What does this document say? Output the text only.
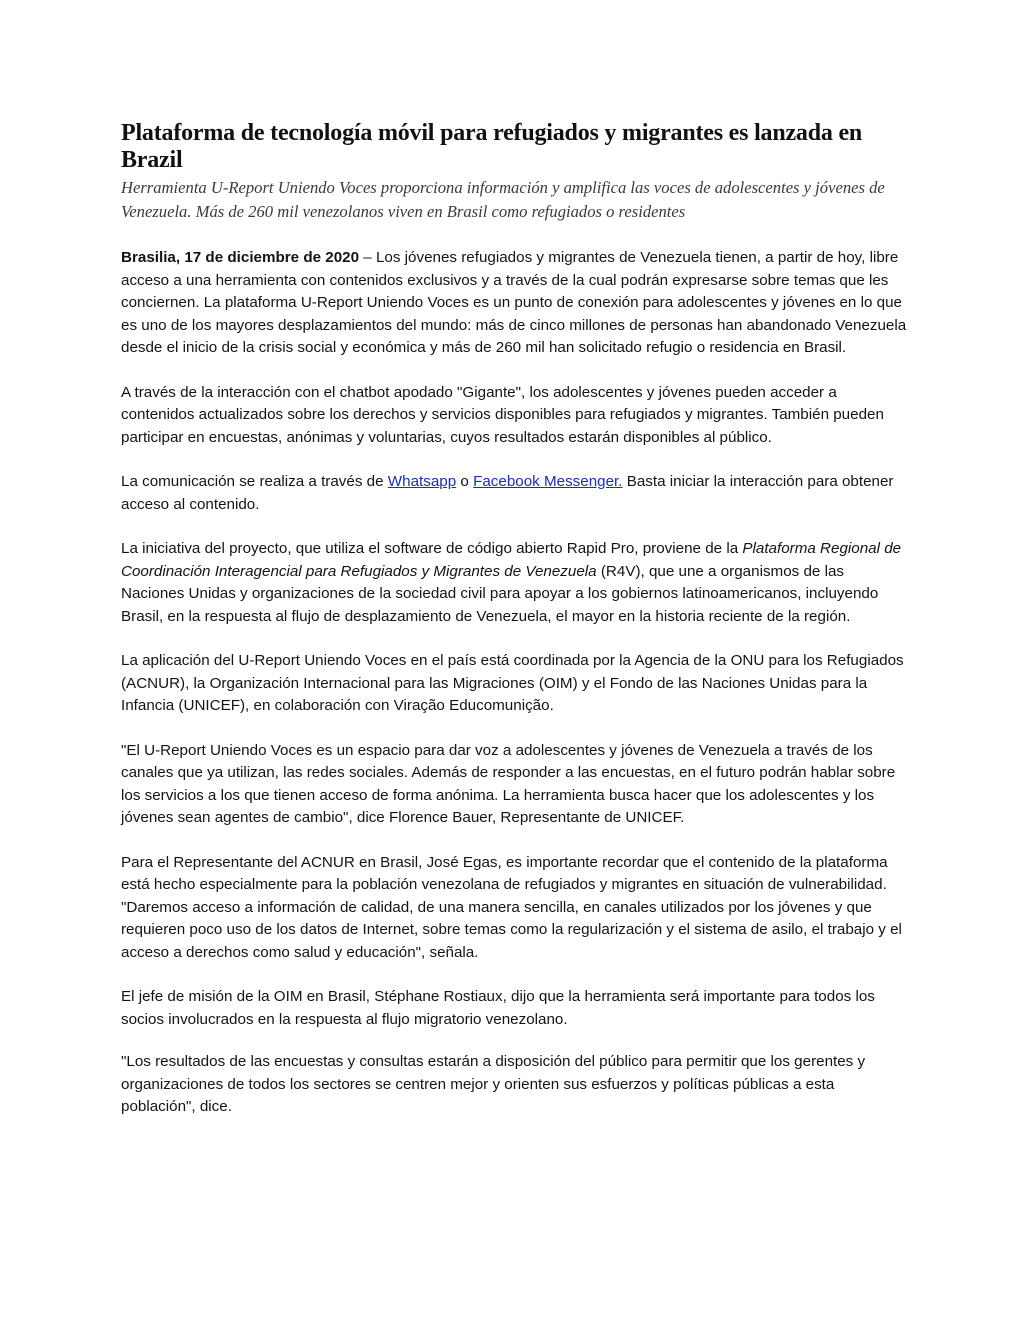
Plataforma de tecnología móvil para refugiados y migrantes es lanzada en Brazil

Herramienta U-Report Uniendo Voces proporciona información y amplifica las voces de adolescentes y jóvenes de Venezuela. Más de 260 mil venezolanos viven en Brasil como refugiados o residentes

Brasilia, 17 de diciembre de 2020 – Los jóvenes refugiados y migrantes de Venezuela tienen, a partir de hoy, libre acceso a una herramienta con contenidos exclusivos y a través de la cual podrán expresarse sobre temas que les conciernen. La plataforma U-Report Uniendo Voces es un punto de conexión para adolescentes y jóvenes en lo que es uno de los mayores desplazamientos del mundo: más de cinco millones de personas han abandonado Venezuela desde el inicio de la crisis social y económica y más de 260 mil han solicitado refugio o residencia en Brasil.

A través de la interacción con el chatbot apodado "Gigante", los adolescentes y jóvenes pueden acceder a contenidos actualizados sobre los derechos y servicios disponibles para refugiados y migrantes. También pueden participar en encuestas, anónimas y voluntarias, cuyos resultados estarán disponibles al público.

La comunicación se realiza a través de Whatsapp o Facebook Messenger. Basta iniciar la interacción para obtener acceso al contenido.

La iniciativa del proyecto, que utiliza el software de código abierto Rapid Pro, proviene de la Plataforma Regional de Coordinación Interagencial para Refugiados y Migrantes de Venezuela (R4V), que une a organismos de las Naciones Unidas y organizaciones de la sociedad civil para apoyar a los gobiernos latinoamericanos, incluyendo Brasil, en la respuesta al flujo de desplazamiento de Venezuela, el mayor en la historia reciente de la región.

La aplicación del U-Report Uniendo Voces en el país está coordinada por la Agencia de la ONU para los Refugiados (ACNUR), la Organización Internacional para las Migraciones (OIM) y el Fondo de las Naciones Unidas para la Infancia (UNICEF), en colaboración con Viração Educomunição.

"El U-Report Uniendo Voces es un espacio para dar voz a adolescentes y jóvenes de Venezuela a través de los canales que ya utilizan, las redes sociales. Además de responder a las encuestas, en el futuro podrán hablar sobre los servicios a los que tienen acceso de forma anónima. La herramienta busca hacer que los adolescentes y los jóvenes sean agentes de cambio", dice Florence Bauer, Representante de UNICEF.

Para el Representante del ACNUR en Brasil, José Egas, es importante recordar que el contenido de la plataforma está hecho especialmente para la población venezolana de refugiados y migrantes en situación de vulnerabilidad. "Daremos acceso a información de calidad, de una manera sencilla, en canales utilizados por los jóvenes y que requieren poco uso de los datos de Internet, sobre temas como la regularización y el sistema de asilo, el trabajo y el acceso a derechos como salud y educación", señala.

El jefe de misión de la OIM en Brasil, Stéphane Rostiaux, dijo que la herramienta será importante para todos los socios involucrados en la respuesta al flujo migratorio venezolano.

"Los resultados de las encuestas y consultas estarán a disposición del público para permitir que los gerentes y organizaciones de todos los sectores se centren mejor y orienten sus esfuerzos y políticas públicas a esta población", dice.
